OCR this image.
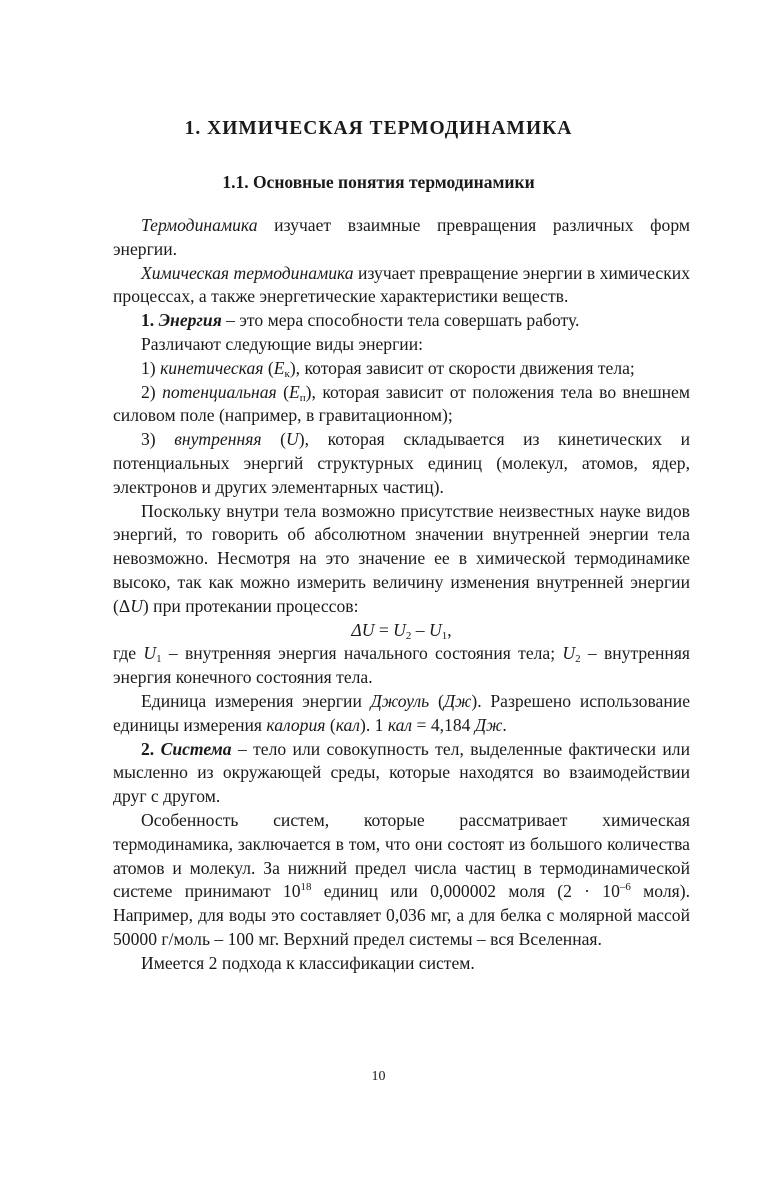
1. ХИМИЧЕСКАЯ ТЕРМОДИНАМИКА
1.1. Основные понятия термодинамики

Термодинамика изучает взаимные превращения различных форм энергии.

Химическая термодинамика изучает превращение энергии в химических процессах, а также энергетические характеристики веществ.

1. Энергия – это мера способности тела совершать работу.

Различают следующие виды энергии:

1) кинетическая $(E_к)$, которая зависит от скорости движения тела;

2) потенциальная $(E_п)$, которая зависит от положения тела во внешнем силовом поле (например, в гравитационном);

3) внутренняя (U), которая складывается из кинетических и потенциальных энергий структурных единиц (молекул, атомов, ядер, электронов и других элементарных частиц).

Поскольку внутри тела возможно присутствие неизвестных науке видов энергий, то говорить об абсолютном значении внутренней энергии тела невозможно. Несмотря на это значение ее в химической термодинамике высоко, так как можно измерить величину изменения внутренней энергии (ΔU) при протекании процессов:

$\Delta U = U_2 - U_1$,

где $U_1$ – внутренняя энергия начального состояния тела; $U_2$ – внутренняя энергия конечного состояния тела.

Единица измерения энергии Джоуль (Дж). Разрешено использование единицы измерения калория (кал). 1 кал = 4,184 Дж.

2. Система – тело или совокупность тел, выделенные фактически или мысленно из окружающей среды, которые находятся во взаимодействии друг с другом.

Особенность систем, которые рассматривает химическая термодинамика, заключается в том, что они состоят из большого количества атомов и молекул. За нижний предел числа частиц в термодинамической системе принимают $10^{18}$ единиц или 0,000002 моля ($2 \cdot 10^{-6}$ моля). Например, для воды это составляет 0,036 мг, а для белка с молярной массой 50000 г/моль – 100 мг. Верхний предел системы – вся Вселенная.

Имеется 2 подхода к классификации систем.

10
